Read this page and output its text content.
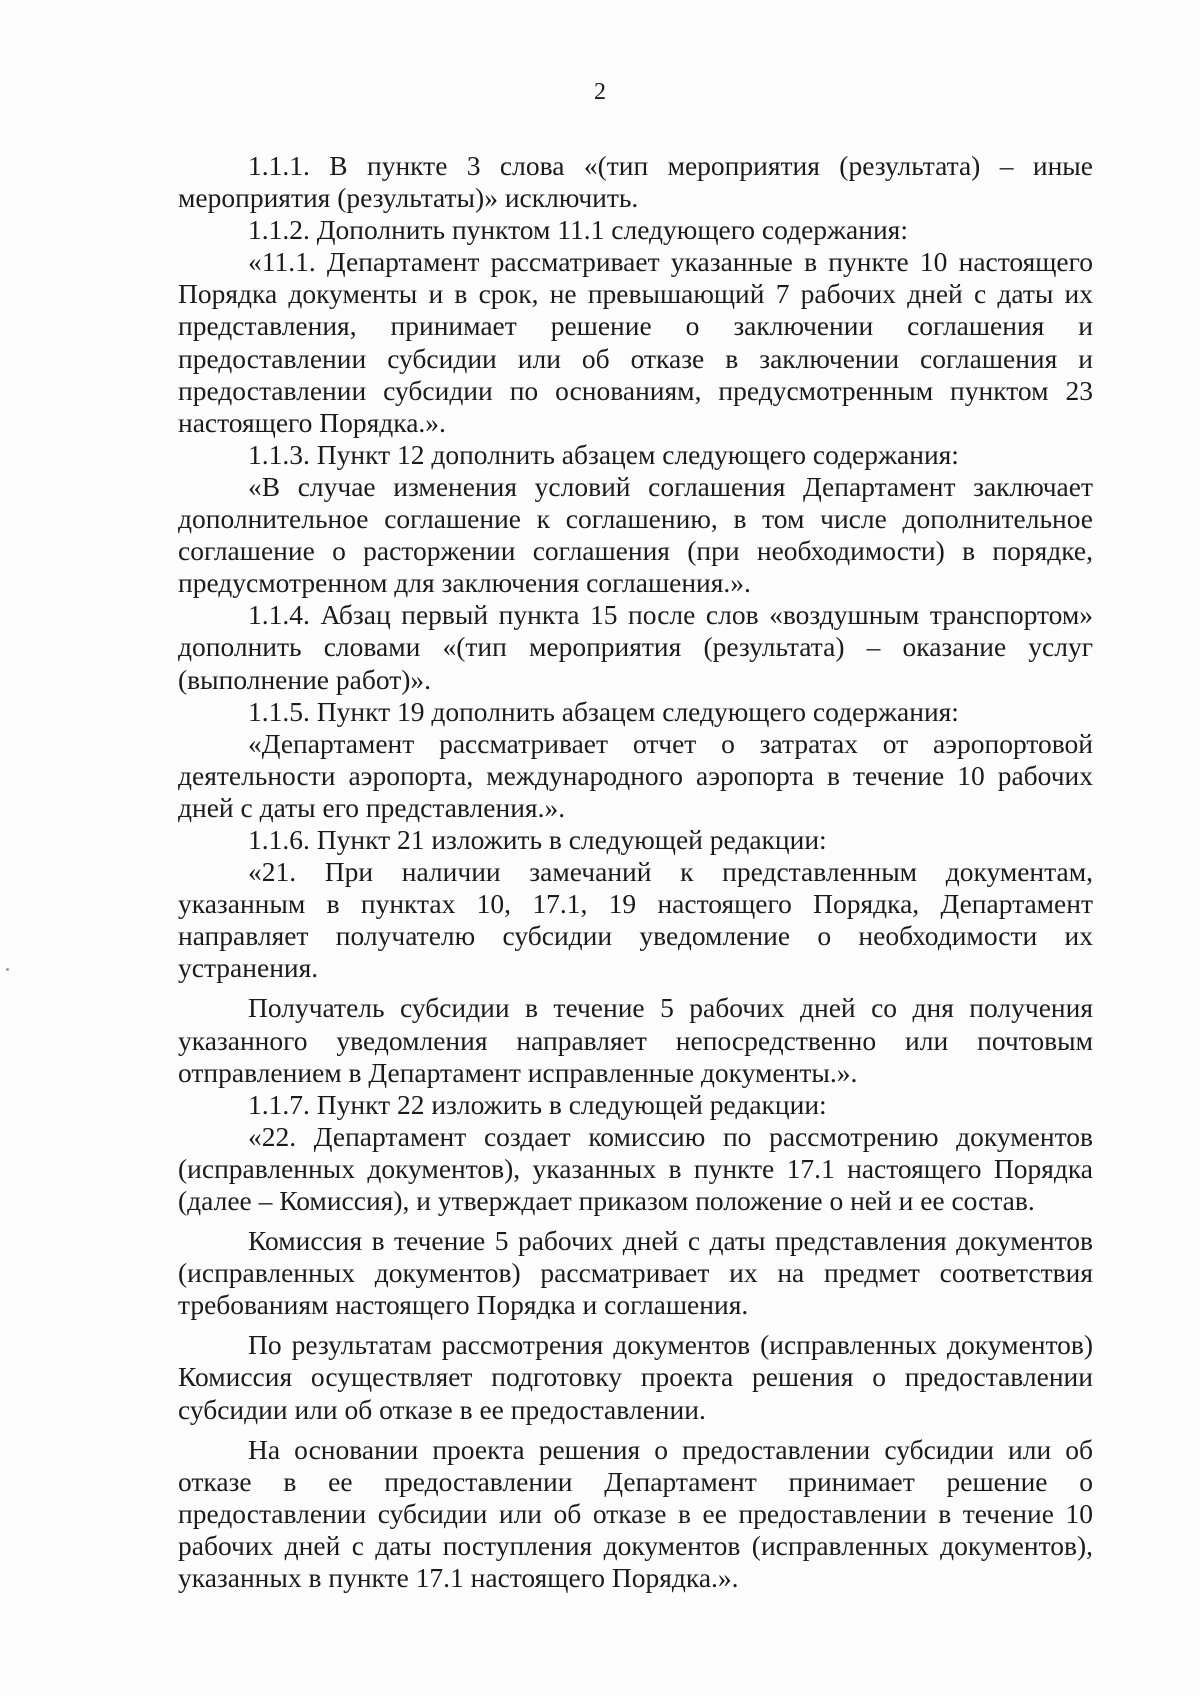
2

1.1.1. В пункте 3 слова «(тип мероприятия (результата) – иные мероприятия (результаты)» исключить.

1.1.2. Дополнить пунктом 11.1 следующего содержания:

«11.1. Департамент рассматривает указанные в пункте 10 настоящего Порядка документы и в срок, не превышающий 7 рабочих дней с даты их представления, принимает решение о заключении соглашения и предоставлении субсидии или об отказе в заключении соглашения и предоставлении субсидии по основаниям, предусмотренным пунктом 23 настоящего Порядка.».

1.1.3. Пункт 12 дополнить абзацем следующего содержания:

«В случае изменения условий соглашения Департамент заключает дополнительное соглашение к соглашению, в том числе дополнительное соглашение о расторжении соглашения (при необходимости) в порядке, предусмотренном для заключения соглашения.».

1.1.4. Абзац первый пункта 15 после слов «воздушным транспортом» дополнить словами «(тип мероприятия (результата) – оказание услуг (выполнение работ)».

1.1.5. Пункт 19 дополнить абзацем следующего содержания:

«Департамент рассматривает отчет о затратах от аэропортовой деятельности аэропорта, международного аэропорта в течение 10 рабочих дней с даты его представления.».

1.1.6. Пункт 21 изложить в следующей редакции:

«21. При наличии замечаний к представленным документам, указанным в пунктах 10, 17.1, 19 настоящего Порядка, Департамент направляет получателю субсидии уведомление о необходимости их устранения.

Получатель субсидии в течение 5 рабочих дней со дня получения указанного уведомления направляет непосредственно или почтовым отправлением в Департамент исправленные документы.».

1.1.7. Пункт 22 изложить в следующей редакции:

«22. Департамент создает комиссию по рассмотрению документов (исправленных документов), указанных в пункте 17.1 настоящего Порядка (далее – Комиссия), и утверждает приказом положение о ней и ее состав.

Комиссия в течение 5 рабочих дней с даты представления документов (исправленных документов) рассматривает их на предмет соответствия требованиям настоящего Порядка и соглашения.

По результатам рассмотрения документов (исправленных документов) Комиссия осуществляет подготовку проекта решения о предоставлении субсидии или об отказе в ее предоставлении.

На основании проекта решения о предоставлении субсидии или об отказе в ее предоставлении Департамент принимает решение о предоставлении субсидии или об отказе в ее предоставлении в течение 10 рабочих дней с даты поступления документов (исправленных документов), указанных в пункте 17.1 настоящего Порядка.».
